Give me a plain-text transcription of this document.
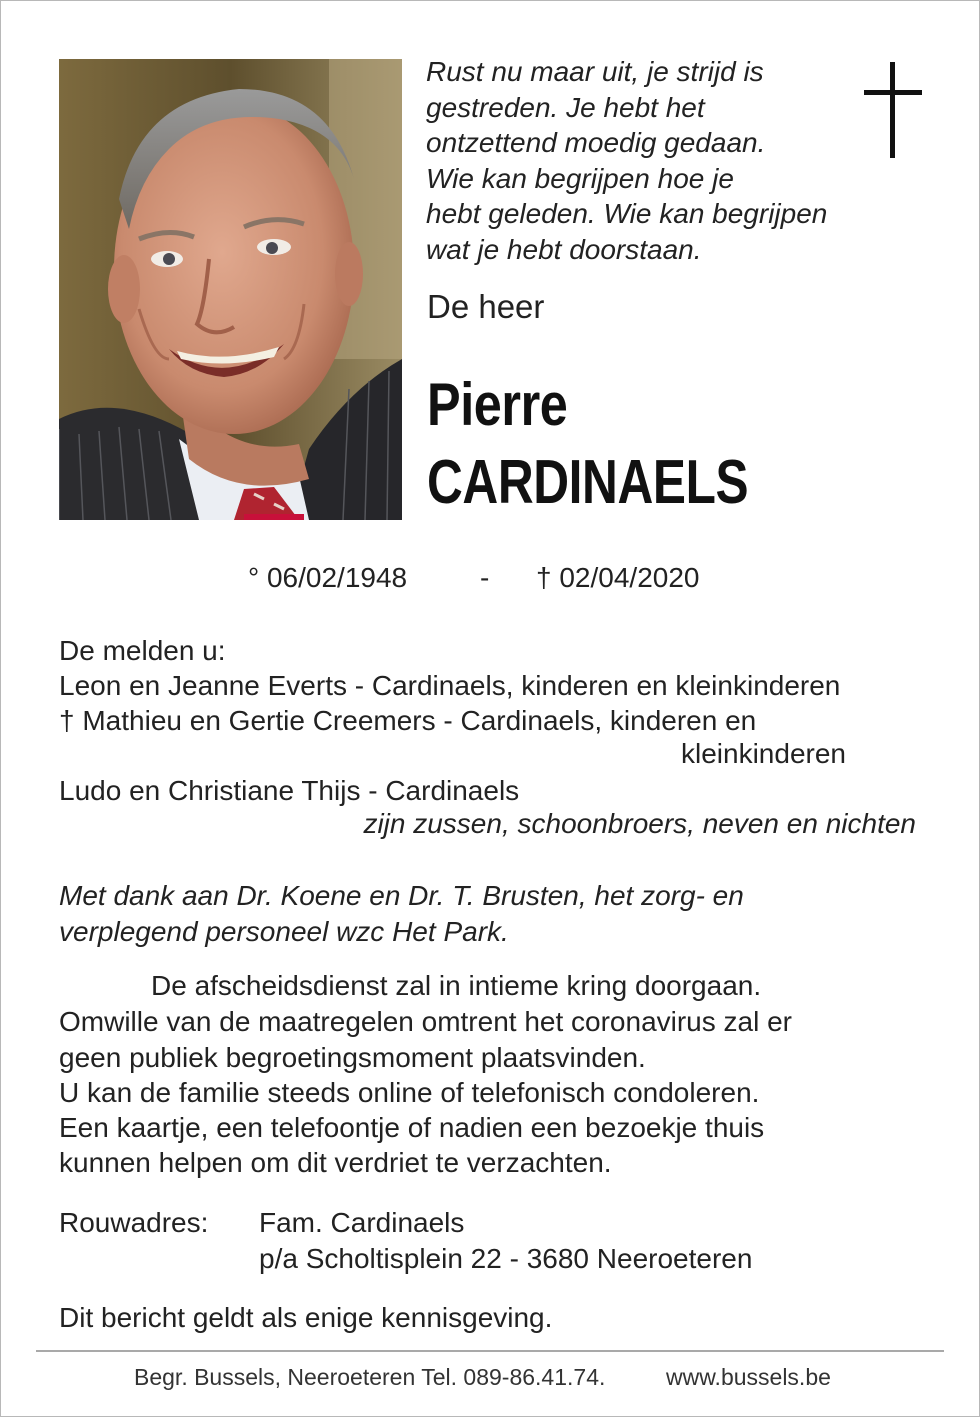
Rust nu maar uit, je strijd is
gestreden. Je hebt het
ontzettend moedig gedaan.
Wie kan begrijpen hoe je
hebt geleden. Wie kan begrijpen
wat je hebt doorstaan.
De heer
Pierre
CARDINAELS
° 06/02/1948	- † 02/04/2020
De melden u:
Leon en Jeanne Everts - Cardinaels, kinderen en kleinkinderen
† Mathieu en Gertie Creemers - Cardinaels, kinderen en
kleinkinderen
Ludo en Christiane Thijs - Cardinaels
zijn zussen, schoonbroers, neven en nichten
Met dank aan Dr. Koene en Dr. T. Brusten, het zorg- en
verplegend personeel wzc Het Park.
De afscheidsdienst zal in intieme kring doorgaan.
Omwille van de maatregelen omtrent het coronavirus zal er
geen publiek begroetingsmoment plaatsvinden.
U kan de familie steeds online of telefonisch condoleren.
Een kaartje, een telefoontje of nadien een bezoekje thuis
kunnen helpen om dit verdriet te verzachten.
Rouwadres: Fam. Cardinaels
p/a Scholtisplein 22 - 3680 Neeroeteren
Dit bericht geldt als enige kennisgeving.
Begr. Bussels, Neeroeteren Tel. 089-86.41.74.	www.bussels.be
